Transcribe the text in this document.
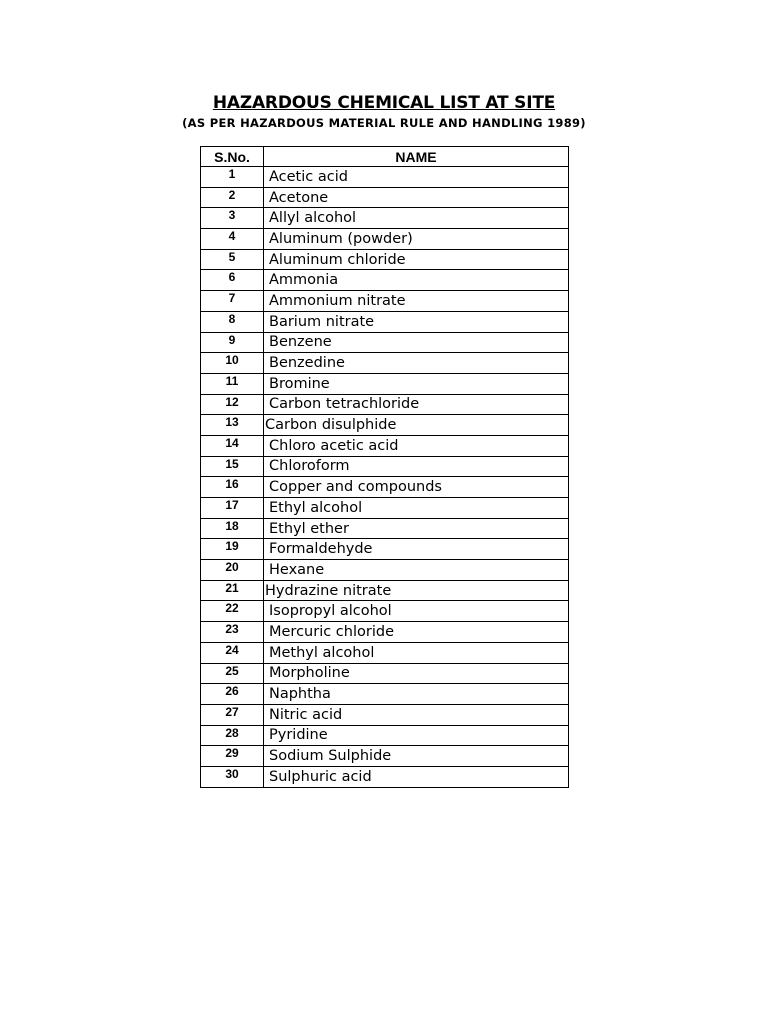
HAZARDOUS CHEMICAL LIST AT SITE
(AS PER HAZARDOUS MATERIAL RULE AND HANDLING 1989)
S.No.	NAME
1	Acetic acid
2	Acetone
3	Allyl alcohol
4	Aluminum (powder)
5	Aluminum chloride
6	Ammonia
7	Ammonium nitrate
8	Barium nitrate
9	Benzene
10	Benzedine
11	Bromine
12	Carbon tetrachloride
13	Carbon disulphide
14	Chloro acetic acid
15	Chloroform
16	Copper and compounds
17	Ethyl alcohol
18	Ethyl ether
19	Formaldehyde
20	Hexane
21	Hydrazine nitrate
22	Isopropyl alcohol
23	Mercuric chloride
24	Methyl alcohol
25	Morpholine
26	Naphtha
27	Nitric acid
28	Pyridine
29	Sodium Sulphide
30	Sulphuric acid
